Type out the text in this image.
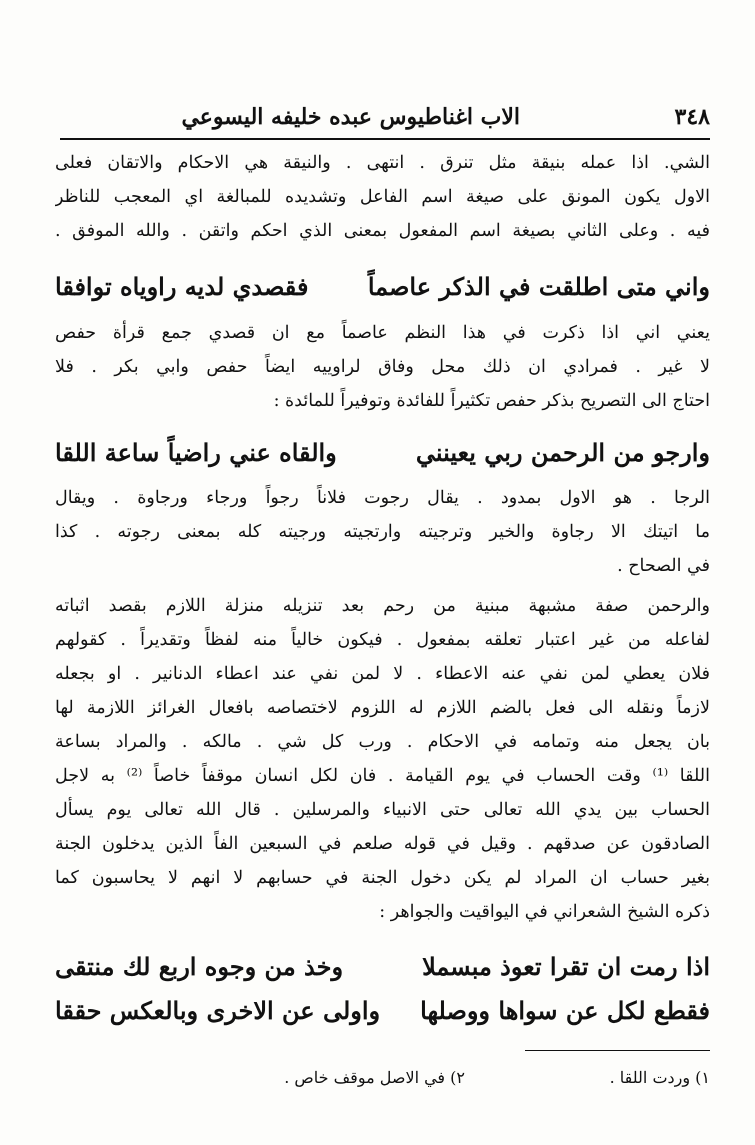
٣٤٨
الاب اغناطيوس عبده خليفه اليسوعي
الشي. اذا عمله بنيقة مثل تنرق . انتهى . والنيقة هي الاحكام والاتقان فعلى
الاول يكون المونق على صيغة اسم الفاعل وتشديده للمبالغة اي المعجب للناظر
فيه . وعلى الثاني بصيغة اسم المفعول بمعنى الذي احكم واتقن . والله الموفق .
واني متى اطلقت في الذكر عاصماً
فقصدي لديه راوياه توافقا
يعني اني اذا ذكرت في هذا النظم عاصماً مع ان قصدي جمع قرأة حفص
لا غير . فمرادي ان ذلك محل وفاق لراوييه ايضاً حفص وابي بكر . فلا
احتاج الى التصريح بذكر حفص تكثيراً للفائدة وتوفيراً للمائدة :
وارجو من الرحمن ربي يعينني
والقاه عني راضياً ساعة اللقا
الرجا . هو الاول بمدود . يقال رجوت فلاناً رجواً ورجاء ورجاوة . ويقال
ما اتيتك الا رجاوة والخير وترجيته وارتجيته ورجيته كله بمعنى رجوته . كذا
في الصحاح .
والرحمن صفة مشبهة مبنية من رحم بعد تنزيله منزلة اللازم بقصد اثباته
لفاعله من غير اعتبار تعلقه بمفعول . فيكون خالياً منه لفظاً وتقديراً . كقولهم
فلان يعطي لمن نفي عنه الاعطاء . لا لمن نفي عند اعطاء الدنانير . او بجعله
لازماً ونقله الى فعل بالضم اللازم له اللزوم لاختصاصه بافعال الغرائز اللازمة لها
بان يجعل منه وتمامه في الاحكام . ورب كل شي . مالكه . والمراد بساعة
اللقا ⁽¹⁾ وقت الحساب في يوم القيامة . فان لكل انسان موقفاً خاصاً ⁽²⁾ به لاجل
الحساب بين يدي الله تعالى حتى الانبياء والمرسلين . قال الله تعالى يوم يسأل
الصادقون عن صدقهم . وقيل في قوله صلعم في السبعين الفاً الذين يدخلون الجنة
بغير حساب ان المراد لم يكن دخول الجنة في حسابهم لا انهم لا يحاسبون كما
ذكره الشيخ الشعراني في اليواقيت والجواهر :
اذا رمت ان تقرا تعوذ مبسملا
وخذ من وجوه اربع لك منتقى
فقطع لكل عن سواها ووصلها
واولى عن الاخرى وبالعكس حققا
١) وردت اللقا .
٢) في الاصل موقف خاص .
